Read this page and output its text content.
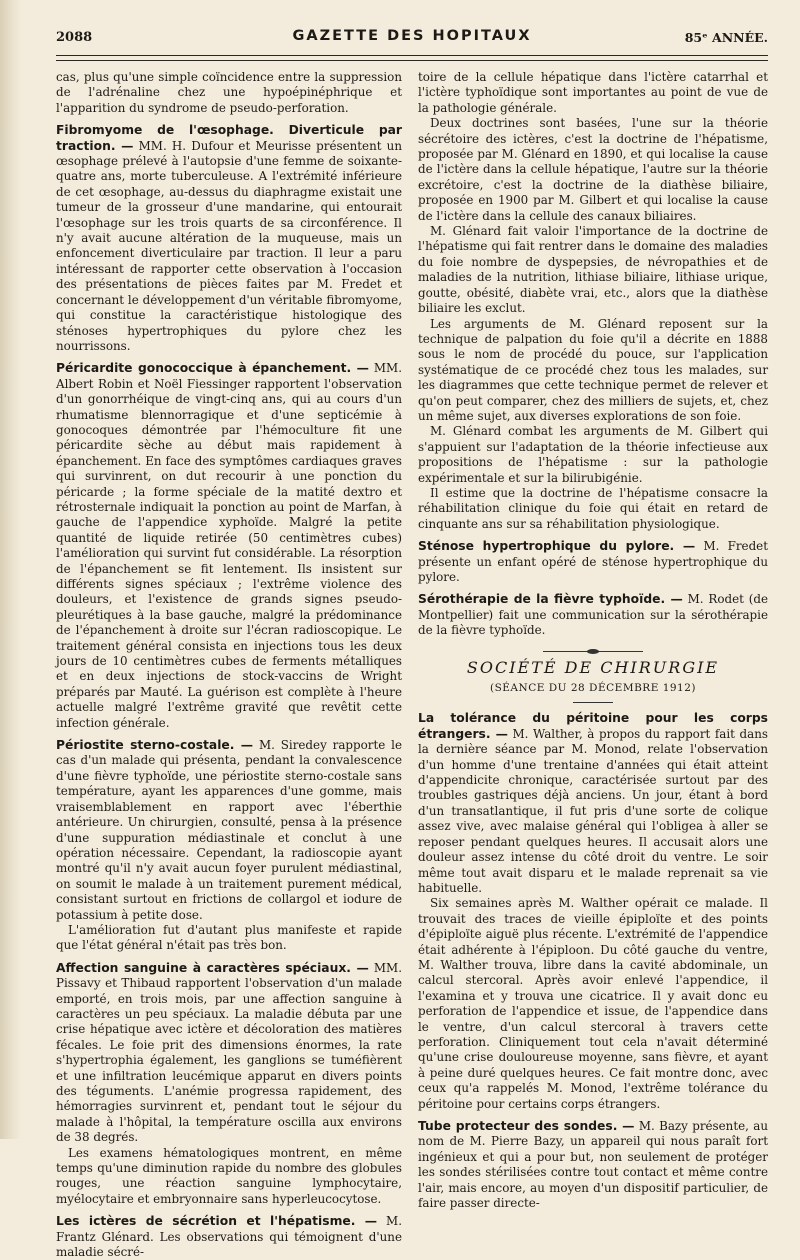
2088	GAZETTE DES HOPITAUX	85ᵉ ANNÉE.

cas, plus qu'une simple coïncidence entre la suppression de l'adrénaline chez une hypoépinéphrique et l'apparition du syndrome de pseudo-perforation.

Fibromyome de l'œsophage. Diverticule par traction. — MM. H. Dufour et Meurisse présentent un œsophage prélevé à l'autopsie d'une femme de soixante-quatre ans, morte tuberculeuse. A l'extrémité inférieure de cet œsophage, au-dessus du diaphragme existait une tumeur de la grosseur d'une mandarine, qui entourait l'œsophage sur les trois quarts de sa circonférence. Il n'y avait aucune altération de la muqueuse, mais un enfoncement diverticulaire par traction. Il leur a paru intéressant de rapporter cette observation à l'occasion des présentations de pièces faites par M. Fredet et concernant le développement d'un véritable fibromyome, qui constitue la caractéristique histologique des sténoses hypertrophiques du pylore chez les nourrissons.

Péricardite gonococcique à épanchement. — MM. Albert Robin et Noël Fiessinger rapportent l'observation d'un gonorrhéique de vingt-cinq ans, qui au cours d'un rhumatisme blennorragique et d'une septicémie à gonocoques démontrée par l'hémoculture fit une péricardite sèche au début mais rapidement à épanchement. En face des symptômes cardiaques graves qui survinrent, on dut recourir à une ponction du péricarde ; la forme spéciale de la matité dextro et rétrosternale indiquait la ponction au point de Marfan, à gauche de l'appendice xyphoïde. Malgré la petite quantité de liquide retirée (50 centimètres cubes) l'amélioration qui survint fut considérable. La résorption de l'épanchement se fit lentement. Ils insistent sur différents signes spéciaux ; l'extrême violence des douleurs, et l'existence de grands signes pseudo-pleurétiques à la base gauche, malgré la prédominance de l'épanchement à droite sur l'écran radioscopique. Le traitement général consista en injections tous les deux jours de 10 centimètres cubes de ferments métalliques et en deux injections de stock-vaccins de Wright préparés par Mauté. La guérison est complète à l'heure actuelle malgré l'extrême gravité que revêtit cette infection générale.

Périostite sterno-costale. — M. Siredey rapporte le cas d'un malade qui présenta, pendant la convalescence d'une fièvre typhoïde, une périostite sterno-costale sans température, ayant les apparences d'une gomme, mais vraisemblablement en rapport avec l'éberthie antérieure. Un chirurgien, consulté, pensa à la présence d'une suppuration médiastinale et conclut à une opération nécessaire. Cependant, la radioscopie ayant montré qu'il n'y avait aucun foyer purulent médiastinal, on soumit le malade à un traitement purement médical, consistant surtout en frictions de collargol et iodure de potassium à petite dose.

L'amélioration fut d'autant plus manifeste et rapide que l'état général n'était pas très bon.

Affection sanguine à caractères spéciaux. — MM. Pissavy et Thibaud rapportent l'observation d'un malade emporté, en trois mois, par une affection sanguine à caractères un peu spéciaux. La maladie débuta par une crise hépatique avec ictère et décoloration des matières fécales. Le foie prit des dimensions énormes, la rate s'hypertrophia également, les ganglions se tuméfièrent et une infiltration leucémique apparut en divers points des téguments. L'anémie progressa rapidement, des hémorragies survinrent et, pendant tout le séjour du malade à l'hôpital, la température oscilla aux environs de 38 degrés.

Les examens hématologiques montrent, en même temps qu'une diminution rapide du nombre des globules rouges, une réaction sanguine lymphocytaire, myélocytaire et embryonnaire sans hyperleucocytose.

Les ictères de sécrétion et l'hépatisme. — M. Frantz Glénard. Les observations qui témoignent d'une maladie sécré-

toire de la cellule hépatique dans l'ictère catarrhal et l'ictère typhoïdique sont importantes au point de vue de la pathologie générale.

Deux doctrines sont basées, l'une sur la théorie sécrétoire des ictères, c'est la doctrine de l'hépatisme, proposée par M. Glénard en 1890, et qui localise la cause de l'ictère dans la cellule hépatique, l'autre sur la théorie excrétoire, c'est la doctrine de la diathèse biliaire, proposée en 1900 par M. Gilbert et qui localise la cause de l'ictère dans la cellule des canaux biliaires.

M. Glénard fait valoir l'importance de la doctrine de l'hépatisme qui fait rentrer dans le domaine des maladies du foie nombre de dyspepsies, de névropathies et de maladies de la nutrition, lithiase biliaire, lithiase urique, goutte, obésité, diabète vrai, etc., alors que la diathèse biliaire les exclut.

Les arguments de M. Glénard reposent sur la technique de palpation du foie qu'il a décrite en 1888 sous le nom de procédé du pouce, sur l'application systématique de ce procédé chez tous les malades, sur les diagrammes que cette technique permet de relever et qu'on peut comparer, chez des milliers de sujets, et, chez un même sujet, aux diverses explorations de son foie.

M. Glénard combat les arguments de M. Gilbert qui s'appuient sur l'adaptation de la théorie infectieuse aux propositions de l'hépatisme : sur la pathologie expérimentale et sur la bilirubigénie.

Il estime que la doctrine de l'hépatisme consacre la réhabilitation clinique du foie qui était en retard de cinquante ans sur sa réhabilitation physiologique.

Sténose hypertrophique du pylore. — M. Fredet présente un enfant opéré de sténose hypertrophique du pylore.

Sérothérapie de la fièvre typhoïde. — M. Rodet (de Montpellier) fait une communication sur la sérothérapie de la fièvre typhoïde.

SOCIÉTÉ DE CHIRURGIE
(SÉANCE DU 28 DÉCEMBRE 1912)

La tolérance du péritoine pour les corps étrangers. — M. Walther, à propos du rapport fait dans la dernière séance par M. Monod, relate l'observation d'un homme d'une trentaine d'années qui était atteint d'appendicite chronique, caractérisée surtout par des troubles gastriques déjà anciens. Un jour, étant à bord d'un transatlantique, il fut pris d'une sorte de colique assez vive, avec malaise général qui l'obligea à aller se reposer pendant quelques heures. Il accusait alors une douleur assez intense du côté droit du ventre. Le soir même tout avait disparu et le malade reprenait sa vie habituelle.

Six semaines après M. Walther opérait ce malade. Il trouvait des traces de vieille épiploïte et des points d'épiploïte aiguë plus récente. L'extrémité de l'appendice était adhérente à l'épiploon. Du côté gauche du ventre, M. Walther trouva, libre dans la cavité abdominale, un calcul stercoral. Après avoir enlevé l'appendice, il l'examina et y trouva une cicatrice. Il y avait donc eu perforation de l'appendice et issue, de l'appendice dans le ventre, d'un calcul stercoral à travers cette perforation. Cliniquement tout cela n'avait déterminé qu'une crise douloureuse moyenne, sans fièvre, et ayant à peine duré quelques heures. Ce fait montre donc, avec ceux qu'a rappelés M. Monod, l'extrême tolérance du péritoine pour certains corps étrangers.

Tube protecteur des sondes. — M. Bazy présente, au nom de M. Pierre Bazy, un appareil qui nous paraît fort ingénieux et qui a pour but, non seulement de protéger les sondes stérilisées contre tout contact et même contre l'air, mais encore, au moyen d'un dispositif particulier, de faire passer directe-
